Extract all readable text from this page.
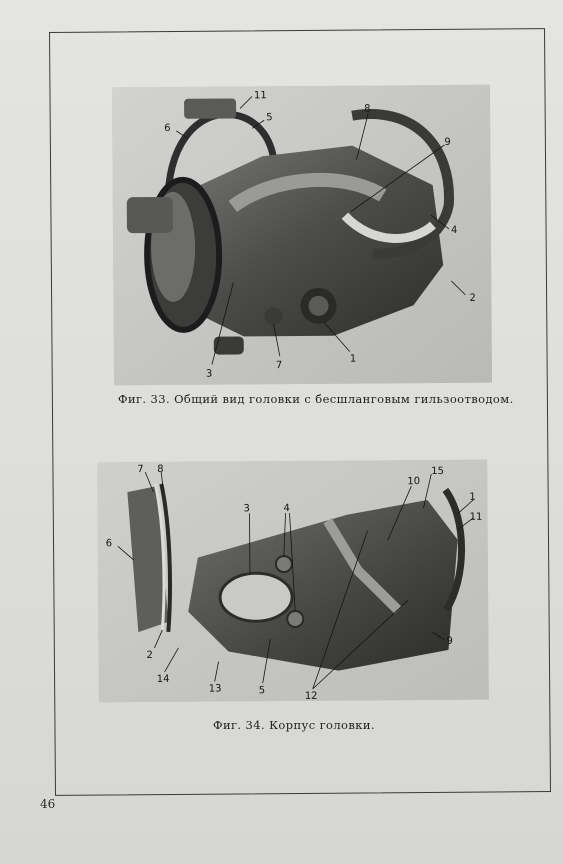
11
5
6
8
9
4
2
1
7
3
Фиг. 33. Общий вид головки с бесшланговым гильзоотводом.
7 8
6
3	4
10
15
1
11
2
14
13	5
12
9
Фиг. 34. Корпус головки.
46
